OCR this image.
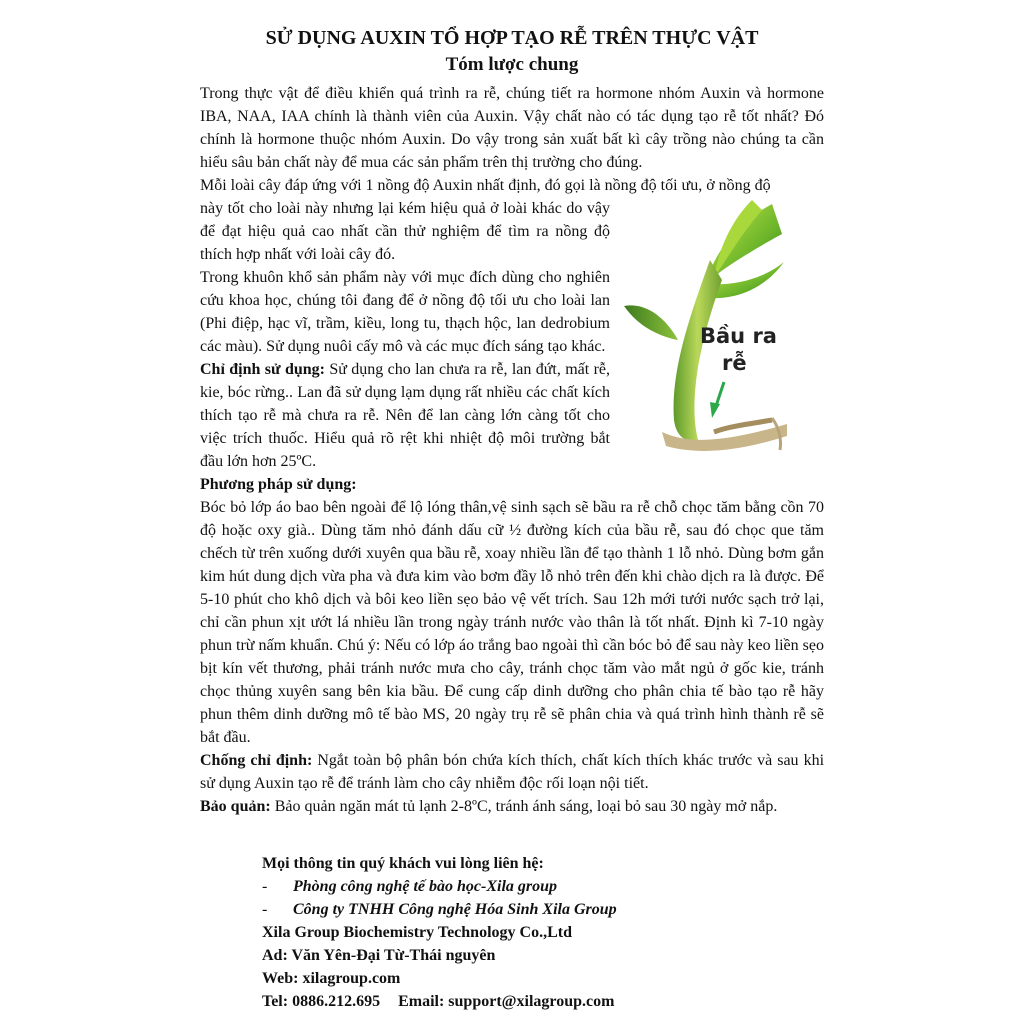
SỬ DỤNG AUXIN TỔ HỢP TẠO RỄ TRÊN THỰC VẬT
Tóm lược chung

Trong thực vật để điều khiển quá trình ra rễ, chúng tiết ra hormone nhóm Auxin và hormone IBA, NAA, IAA chính là thành viên của Auxin. Vậy chất nào có tác dụng tạo rễ tốt nhất? Đó chính là hormone thuộc nhóm Auxin. Do vậy trong sản xuất bất kì cây trồng nào chúng ta cần hiểu sâu bản chất này để mua các sản phẩm trên thị trường cho đúng.

Mỗi loài cây đáp ứng với 1 nồng độ Auxin nhất định, đó gọi là nồng độ tối ưu, ở nồng độ

này tốt cho loài này nhưng lại kém hiệu quả ở loài khác do vậy để đạt hiệu quả cao nhất cần thử nghiệm để tìm ra nồng độ thích hợp nhất với loài cây đó.

Trong khuôn khổ sản phẩm này với mục đích dùng cho nghiên cứu khoa học, chúng tôi đang để ở nồng độ tối ưu cho loài lan (Phi điệp, hạc vĩ, trầm, kiều, long tu, thạch hộc, lan dedrobium các màu). Sử dụng nuôi cấy mô và các mục đích sáng tạo khác.

Chỉ định sử dụng: Sử dụng cho lan chưa ra rễ, lan đứt, mất rễ, kie, bóc rừng.. Lan đã sử dụng lạm dụng rất nhiều các chất kích thích tạo rễ mà chưa ra rễ. Nên để lan càng lớn càng tốt cho việc trích thuốc. Hiểu quả rõ rệt khi nhiệt độ môi trường bắt đầu lớn hơn 25ºC.

Phương pháp sử dụng:

Bóc bỏ lớp áo bao bên ngoài để lộ lóng thân,vệ sinh sạch sẽ bầu ra rễ chỗ chọc tăm bằng cồn 70 độ hoặc oxy già.. Dùng tăm nhỏ đánh dấu cữ ½ đường kích của bầu rễ, sau đó chọc que tăm chếch từ trên xuống dưới xuyên qua bầu rễ, xoay nhiều lần để tạo thành 1 lỗ nhỏ. Dùng bơm gắn kim hút dung dịch vừa pha và đưa kim vào bơm đầy lỗ nhỏ trên đến khi chào dịch ra là được. Để 5-10 phút cho khô dịch và bôi keo liền sẹo bảo vệ vết trích. Sau 12h mới tưới nước sạch trở lại, chỉ cần phun xịt ướt lá nhiều lần trong ngày tránh nước vào thân là tốt nhất. Định kì 7-10 ngày phun trừ nấm khuẩn. Chú ý: Nếu có lớp áo trắng bao ngoài thì cần bóc bỏ để sau này keo liền sẹo bịt kín vết thương, phải tránh nước mưa cho cây, tránh chọc tăm vào mắt ngủ ở gốc kie, tránh chọc thủng xuyên sang bên kia bầu. Để cung cấp dinh dưỡng cho phân chia tế bào tạo rễ hãy phun thêm dinh dưỡng mô tế bào MS, 20 ngày trụ rễ sẽ phân chia và quá trình hình thành rễ sẽ bắt đầu.

Chống chỉ định: Ngắt toàn bộ phân bón chứa kích thích, chất kích thích khác trước và sau khi sử dụng Auxin tạo rễ để tránh làm cho cây nhiễm độc rối loạn nội tiết.

Bảo quản: Bảo quản ngăn mát tủ lạnh 2-8ºC, tránh ánh sáng, loại bỏ sau 30 ngày mở nắp.

Bầu ra
rễ
Mọi thông tin quý khách vui lòng liên hệ:
- Phòng công nghệ tế bào học-Xila group
- Công ty TNHH Công nghệ Hóa Sinh Xila Group
Xila Group Biochemistry Technology Co.,Ltd
Ad: Văn Yên-Đại Từ-Thái nguyên
Web: xilagroup.com
Tel: 0886.212.695 Email: support@xilagroup.com
